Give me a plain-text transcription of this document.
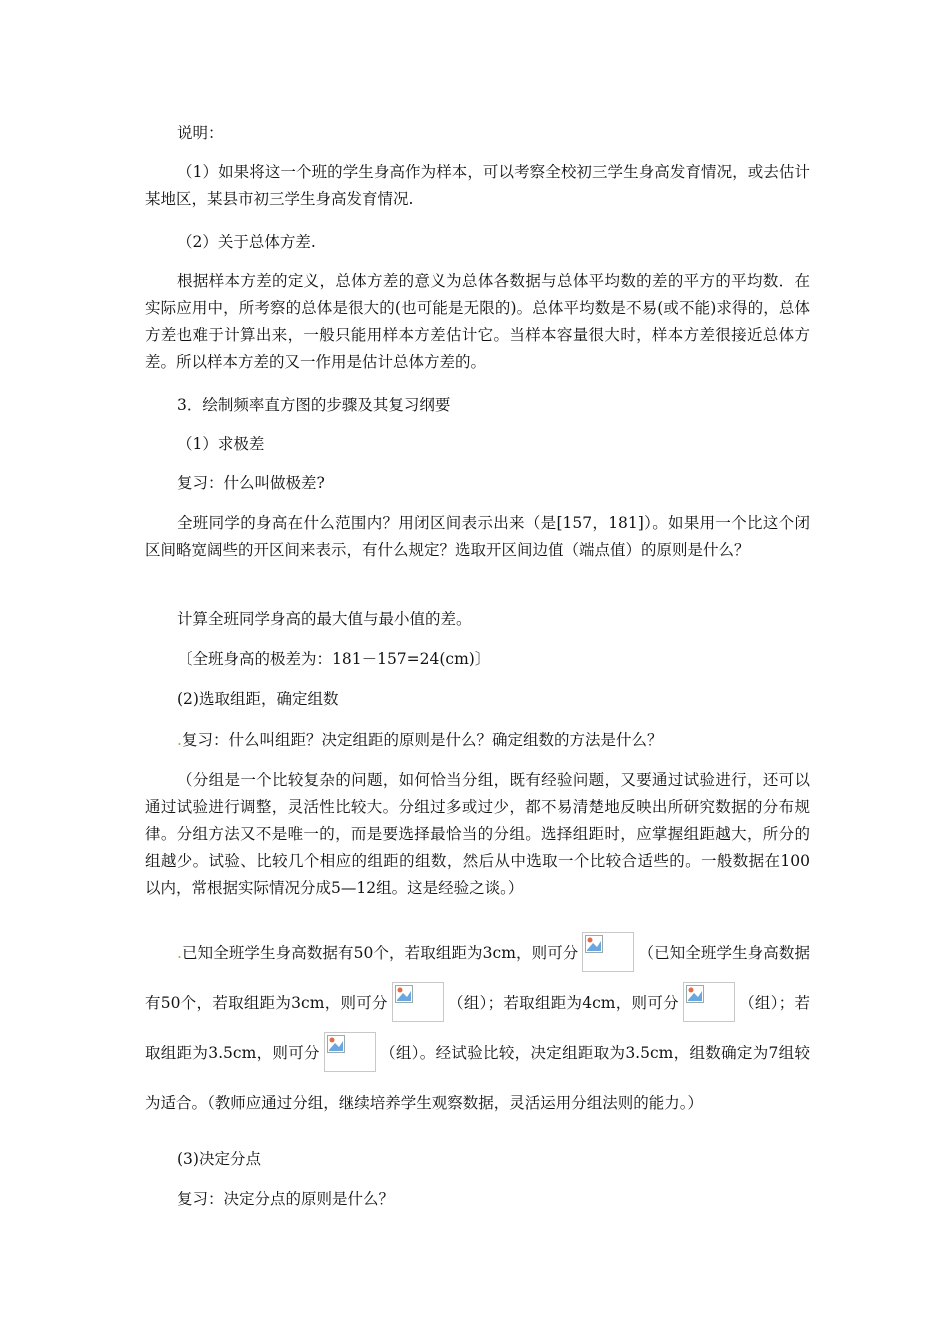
说明：

（1）如果将这一个班的学生身高作为样本，可以考察全校初三学生身高发育情况，或去估计某地区，某县市初三学生身高发育情况.

（2）关于总体方差.

根据样本方差的定义，总体方差的意义为总体各数据与总体平均数的差的平方的平均数．在实际应用中，所考察的总体是很大的(也可能是无限的)。总体平均数是不易(或不能)求得的，总体方差也难于计算出来，一般只能用样本方差估计它。当样本容量很大时，样本方差很接近总体方差。所以样本方差的又一作用是估计总体方差的。

3．绘制频率直方图的步骤及其复习纲要

（1）求极差

复习：什么叫做极差?

全班同学的身高在什么范围内？用闭区间表示出来（是[157，181]）。如果用一个比这个闭区间略宽阔些的开区间来表示，有什么规定？选取开区间边值（端点值）的原则是什么？

计算全班同学身高的最大值与最小值的差。

〔全班身高的极差为：181－157=24(cm)〕

(2)选取组距，确定组数

.复习：什么叫组距？决定组距的原则是什么？确定组数的方法是什么？

（分组是一个比较复杂的问题，如何恰当分组，既有经验问题，又要通过试验进行，还可以通过试验进行调整，灵活性比较大。分组过多或过少，都不易清楚地反映出所研究数据的分布规律。分组方法又不是唯一的，而是要选择最恰当的分组。选择组距时，应掌握组距越大，所分的组越少。试验、比较几个相应的组距的组数，然后从中选取一个比较合适些的。一般数据在100以内，常根据实际情况分成5—12组。这是经验之谈。）

.已知全班学生身高数据有50个，若取组距为3cm，则可分	（已知全班学生身高数据有50个，若取组距为3cm，则可分	（组）；若取组距为4cm，则可分	（组）；若取组距为3.5cm，则可分	（组）。经试验比较，决定组距取为3.5cm，组数确定为7组较为适合。（教师应通过分组，继续培养学生观察数据，灵活运用分组法则的能力。）

(3)决定分点

复习：决定分点的原则是什么？
